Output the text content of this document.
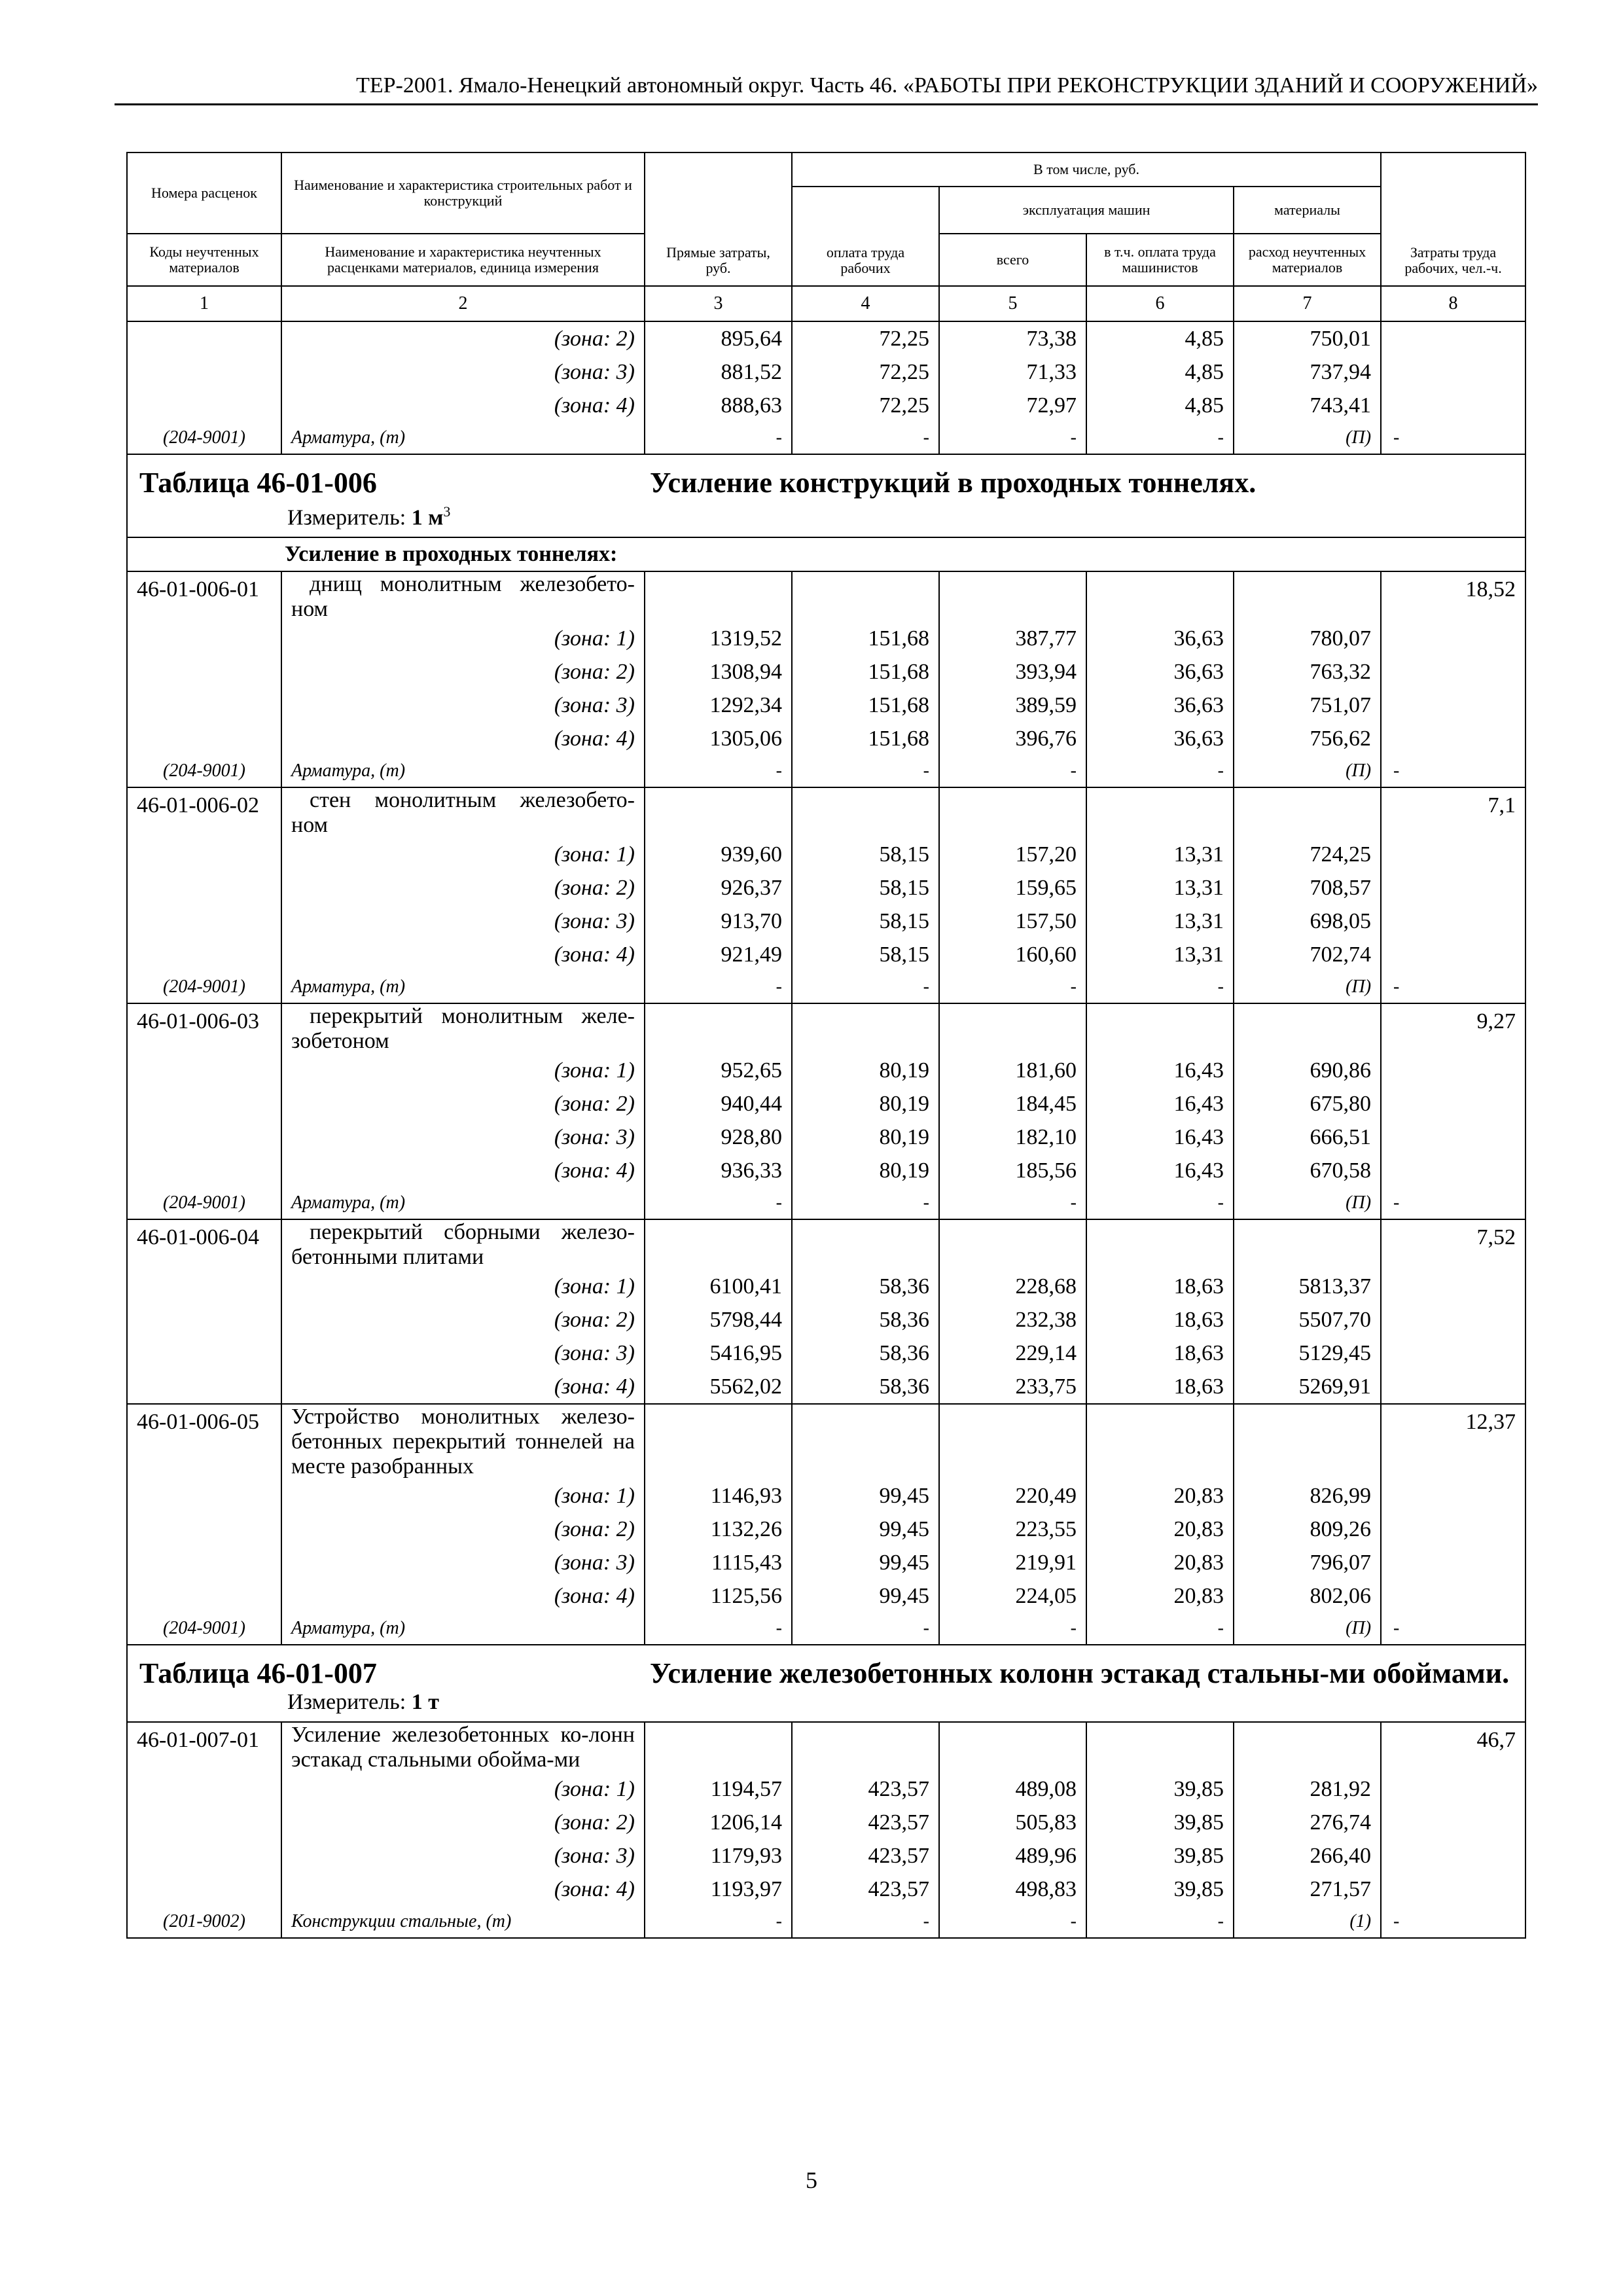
ТЕР-2001. Ямало-Ненецкий автономный округ. Часть 46. «РАБОТЫ ПРИ РЕКОНСТРУКЦИИ ЗДАНИЙ И СООРУЖЕНИЙ»
Номера расценок	Наименование и характеристика строительных работ и конструкций	Прямые затраты, руб.	В том числе, руб.				Затраты труда рабочих, чел.-ч.
			оплата труда рабочих	эксплуатация машин		материалы	
Коды неучтенных материалов	Наименование и характеристика неучтенных расценками материалов, единица измерения			всего	в т.ч. оплата труда машинистов	расход неучтенных материалов	
1	2	3	4	5	6	7	8
	(зона: 2)	895,64	72,25	73,38	4,85	750,01	
	(зона: 3)	881,52	72,25	71,33	4,85	737,94	
	(зона: 4)	888,63	72,25	72,97	4,85	743,41	
(204-9001)	Арматура, (т)	-	-	-	-	(П)	-

Таблица 46-01-006 Усиление конструкций в проходных тоннелях.
Измеритель: 1 $м^3$

Усиление в проходных тоннелях:							
46-01-006-01	днищ монолитным железобето-ном						18,52
	(зона: 1)	1319,52	151,68	387,77	36,63	780,07	
	(зона: 2)	1308,94	151,68	393,94	36,63	763,32	
	(зона: 3)	1292,34	151,68	389,59	36,63	751,07	
	(зона: 4)	1305,06	151,68	396,76	36,63	756,62	
(204-9001)	Арматура, (т)	-	-	-	-	(П)	-
46-01-006-02	стен монолитным железобето-ном						7,1
	(зона: 1)	939,60	58,15	157,20	13,31	724,25	
	(зона: 2)	926,37	58,15	159,65	13,31	708,57	
	(зона: 3)	913,70	58,15	157,50	13,31	698,05	
	(зона: 4)	921,49	58,15	160,60	13,31	702,74	
(204-9001)	Арматура, (т)	-	-	-	-	(П)	-
46-01-006-03	перекрытий монолитным желе-зобетоном						9,27
	(зона: 1)	952,65	80,19	181,60	16,43	690,86	
	(зона: 2)	940,44	80,19	184,45	16,43	675,80	
	(зона: 3)	928,80	80,19	182,10	16,43	666,51	
	(зона: 4)	936,33	80,19	185,56	16,43	670,58	
(204-9001)	Арматура, (т)	-	-	-	-	(П)	-
46-01-006-04	перекрытий сборными железо-бетонными плитами						7,52
	(зона: 1)	6100,41	58,36	228,68	18,63	5813,37	
	(зона: 2)	5798,44	58,36	232,38	18,63	5507,70	
	(зона: 3)	5416,95	58,36	229,14	18,63	5129,45	
	(зона: 4)	5562,02	58,36	233,75	18,63	5269,91	
46-01-006-05	Устройство монолитных железо-бетонных перекрытий тоннелей на месте разобранных						12,37
	(зона: 1)	1146,93	99,45	220,49	20,83	826,99	
	(зона: 2)	1132,26	99,45	223,55	20,83	809,26	
	(зона: 3)	1115,43	99,45	219,91	20,83	796,07	
	(зона: 4)	1125,56	99,45	224,05	20,83	802,06	
(204-9001)	Арматура, (т)	-	-	-	-	(П)	-

Таблица 46-01-007 Усиление железобетонных колонн эстакад стальны-ми обоймами.
Измеритель: 1 т							

46-01-007-01	Усиление железобетонных ко-лонн эстакад стальными обойма-ми						46,7
	(зона: 1)	1194,57	423,57	489,08	39,85	281,92	
	(зона: 2)	1206,14	423,57	505,83	39,85	276,74	
	(зона: 3)	1179,93	423,57	489,96	39,85	266,40	
	(зона: 4)	1193,97	423,57	498,83	39,85	271,57	
(201-9002)	Конструкции стальные, (т)	-	-	-	-	(1)	-
5
